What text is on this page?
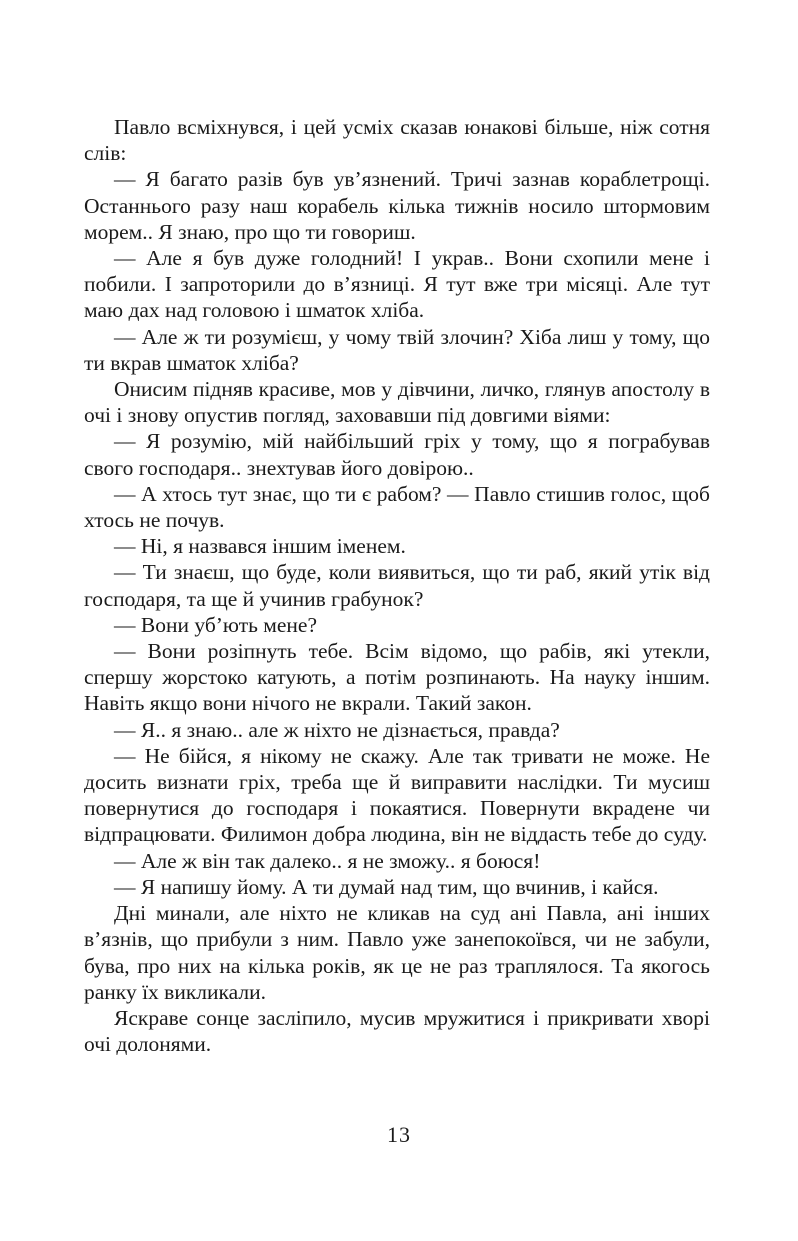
Павло всміхнувся, і цей усміх сказав юнакові більше, ніж сотня слів:

— Я багато разів був ув’язнений. Тричі зазнав кораблетрощі. Останнього разу наш корабель кілька тижнів носило штормовим морем.. Я знаю, про що ти говориш.

— Але я був дуже голодний! І украв.. Вони схопили мене і побили. І запроторили до в’язниці. Я тут вже три місяці. Але тут маю дах над головою і шматок хліба.

— Але ж ти розумієш, у чому твій злочин? Хіба лиш у тому, що ти вкрав шматок хліба?

Онисим підняв красиве, мов у дівчини, личко, глянув апостолу в очі і знову опустив погляд, заховавши під довгими віями:

— Я розумію, мій найбільший гріх у тому, що я пограбував свого господаря.. знехтував його довірою..

— А хтось тут знає, що ти є рабом? — Павло стишив голос, щоб хтось не почув.

— Ні, я назвався іншим іменем.

— Ти знаєш, що буде, коли виявиться, що ти раб, який утік від господаря, та ще й учинив грабунок?

— Вони уб’ють мене?

— Вони розіпнуть тебе. Всім відомо, що рабів, які утекли, спершу жорстоко катують, а потім розпинають. На науку іншим. Навіть якщо вони нічого не вкрали. Такий закон.

— Я.. я знаю.. але ж ніхто не дізнається, правда?

— Не бійся, я нікому не скажу. Але так тривати не може. Не досить визнати гріх, треба ще й виправити наслідки. Ти мусиш повернутися до господаря і покаятися. Повернути вкрадене чи відпрацювати. Филимон добра людина, він не віддасть тебе до суду.

— Але ж він так далеко.. я не зможу.. я боюся!

— Я напишу йому. А ти думай над тим, що вчинив, і кайся.

Дні минали, але ніхто не кликав на суд ані Павла, ані інших в’язнів, що прибули з ним. Павло уже занепокоївся, чи не забули, бува, про них на кілька років, як це не раз траплялося. Та якогось ранку їх викликали.

Яскраве сонце засліпило, мусив мружитися і прикривати хворі очі долонями.

13
